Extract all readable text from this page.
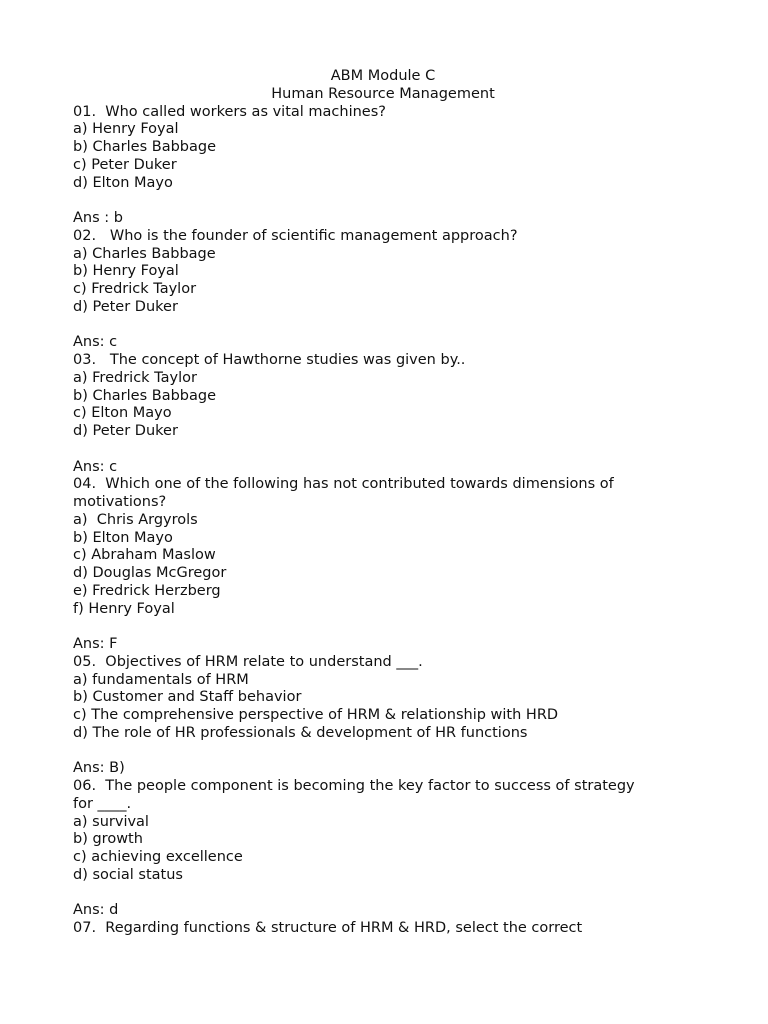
ABM Module C
Human Resource Management
01.  Who called workers as vital machines?
a) Henry Foyal
b) Charles Babbage
c) Peter Duker
d) Elton Mayo
Ans : b
02.   Who is the founder of scientific management approach?
a) Charles Babbage
b) Henry Foyal
c) Fredrick Taylor
d) Peter Duker
Ans: c
03.   The concept of Hawthorne studies was given by..
a) Fredrick Taylor
b) Charles Babbage
c) Elton Mayo
d) Peter Duker
Ans: c
04.  Which one of the following has not contributed towards dimensions of
motivations?
a)  Chris Argyrols
b) Elton Mayo
c) Abraham Maslow
d) Douglas McGregor
e) Fredrick Herzberg
f) Henry Foyal
Ans: F
05.  Objectives of HRM relate to understand ___.
a) fundamentals of HRM
b) Customer and Staff behavior
c) The comprehensive perspective of HRM & relationship with HRD
d) The role of HR professionals & development of HR functions
Ans: B)
06.  The people component is becoming the key factor to success of strategy
for ____.
a) survival
b) growth
c) achieving excellence
d) social status
Ans: d
07.  Regarding functions & structure of HRM & HRD, select the correct
